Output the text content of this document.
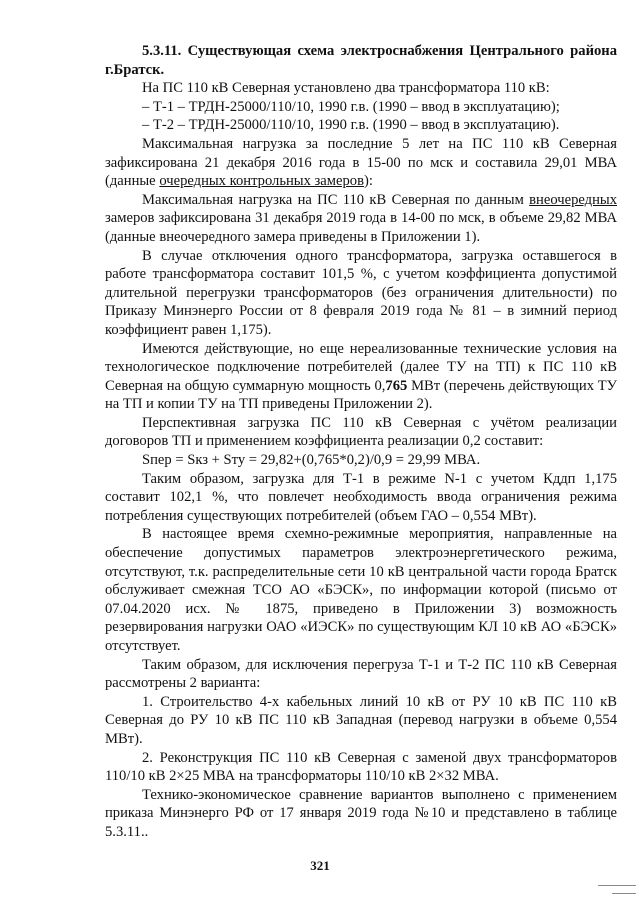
5.3.11. Существующая схема электроснабжения Центрального района г.Братск.

На ПС 110 кВ Северная установлено два трансформатора 110 кВ:

– Т-1 – ТРДН-25000/110/10, 1990 г.в. (1990 – ввод в эксплуатацию);

– Т-2 – ТРДН-25000/110/10, 1990 г.в. (1990 – ввод в эксплуатацию).

Максимальная нагрузка за последние 5 лет на ПС 110 кВ Северная зафиксирована 21 декабря 2016 года в 15-00 по мск и составила 29,01 МВА (данные очередных контрольных замеров):

Максимальная нагрузка на ПС 110 кВ Северная по данным внеочередных замеров зафиксирована 31 декабря 2019 года в 14-00 по мск, в объеме 29,82 МВА (данные внеочередного замера приведены в Приложении 1).

В случае отключения одного трансформатора, загрузка оставшегося в работе трансформатора составит 101,5 %, с учетом коэффициента допустимой длительной перегрузки трансформаторов (без ограничения длительности) по Приказу Минэнерго России от 8 февраля 2019 года № 81 – в зимний период коэффициент равен 1,175).

Имеются действующие, но еще нереализованные технические условия на технологическое подключение потребителей (далее ТУ на ТП) к ПС 110 кВ Северная на общую суммарную мощность 0,765 МВт (перечень действующих ТУ на ТП и копии ТУ на ТП приведены Приложении 2).

Перспективная загрузка ПС 110 кВ Северная с учётом реализации договоров ТП и применением коэффициента реализации 0,2 составит:

Sпер = Sкз + Sту = 29,82+(0,765*0,2)/0,9 = 29,99 МВА.

Таким образом, загрузка для Т-1 в режиме N-1 с учетом Кддп 1,175 составит 102,1 %, что повлечет необходимость ввода ограничения режима потребления существующих потребителей (объем ГАО – 0,554 МВт).

В настоящее время схемно-режимные мероприятия, направленные на обеспечение допустимых параметров электроэнергетического режима, отсутствуют, т.к. распределительные сети 10 кВ центральной части города Братск обслуживает смежная ТСО АО «БЭСК», по информации которой (письмо от 07.04.2020 исх. № 1875, приведено в Приложении 3) возможность резервирования нагрузки ОАО «ИЭСК» по существующим КЛ 10 кВ АО «БЭСК» отсутствует.

Таким образом, для исключения перегруза Т-1 и Т-2 ПС 110 кВ Северная рассмотрены 2 варианта:

1. Строительство 4-х кабельных линий 10 кВ от РУ 10 кВ ПС 110 кВ Северная до РУ 10 кВ ПС 110 кВ Западная (перевод нагрузки в объеме 0,554 МВт).

2. Реконструкция ПС 110 кВ Северная с заменой двух трансформаторов 110/10 кВ 2×25 МВА на трансформаторы 110/10 кВ 2×32 МВА.

Технико-экономическое сравнение вариантов выполнено с применением приказа Минэнерго РФ от 17 января 2019 года №10 и представлено в таблице 5.3.11..

321
